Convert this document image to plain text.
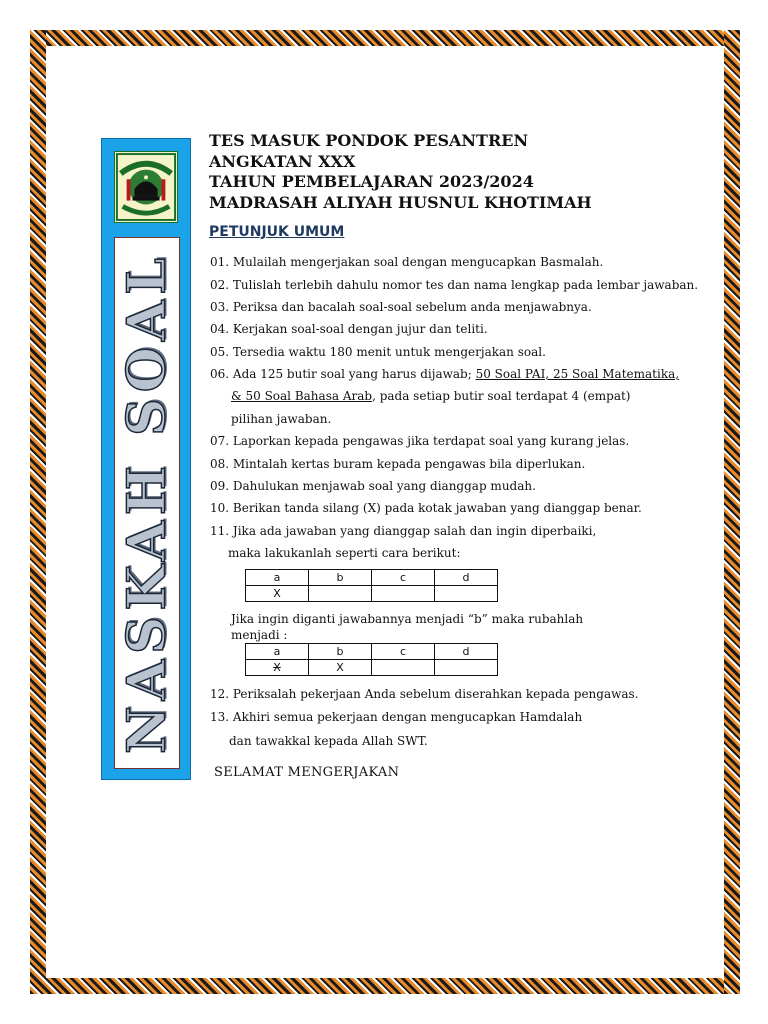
NASKAH SOAL
TES MASUK PONDOK PESANTREN
ANGKATAN XXX
TAHUN PEMBELAJARAN 2023/2024
MADRASAH ALIYAH HUSNUL KHOTIMAH
PETUNJUK UMUM
01. Mulailah mengerjakan soal dengan mengucapkan Basmalah.
02. Tulislah terlebih dahulu nomor tes dan nama lengkap pada lembar jawaban.
03. Periksa dan bacalah soal-soal sebelum anda menjawabnya.
04. Kerjakan soal-soal dengan jujur dan teliti.
05. Tersedia waktu 180 menit untuk mengerjakan soal.
06. Ada 125 butir soal yang harus dijawab; 50 Soal PAI, 25 Soal Matematika,
& 50 Soal Bahasa Arab, pada setiap butir soal terdapat 4 (empat)
pilihan jawaban.
07. Laporkan kepada pengawas jika terdapat soal yang kurang jelas.
08. Mintalah kertas buram kepada pengawas bila diperlukan.
09. Dahulukan menjawab soal yang dianggap mudah.
10. Berikan tanda silang (X) pada kotak jawaban yang dianggap benar.
11. Jika ada jawaban yang dianggap salah dan ingin diperbaiki,
maka lakukanlah seperti cara berikut:
a	b	c	d
X			
Jika ingin diganti jawabannya menjadi “b” maka rubahlah
menjadi :
a	b	c	d
X	X		
12. Periksalah pekerjaan Anda sebelum diserahkan kepada pengawas.
13. Akhiri semua pekerjaan dengan mengucapkan Hamdalah
dan tawakkal kepada Allah SWT.
SELAMAT MENGERJAKAN
